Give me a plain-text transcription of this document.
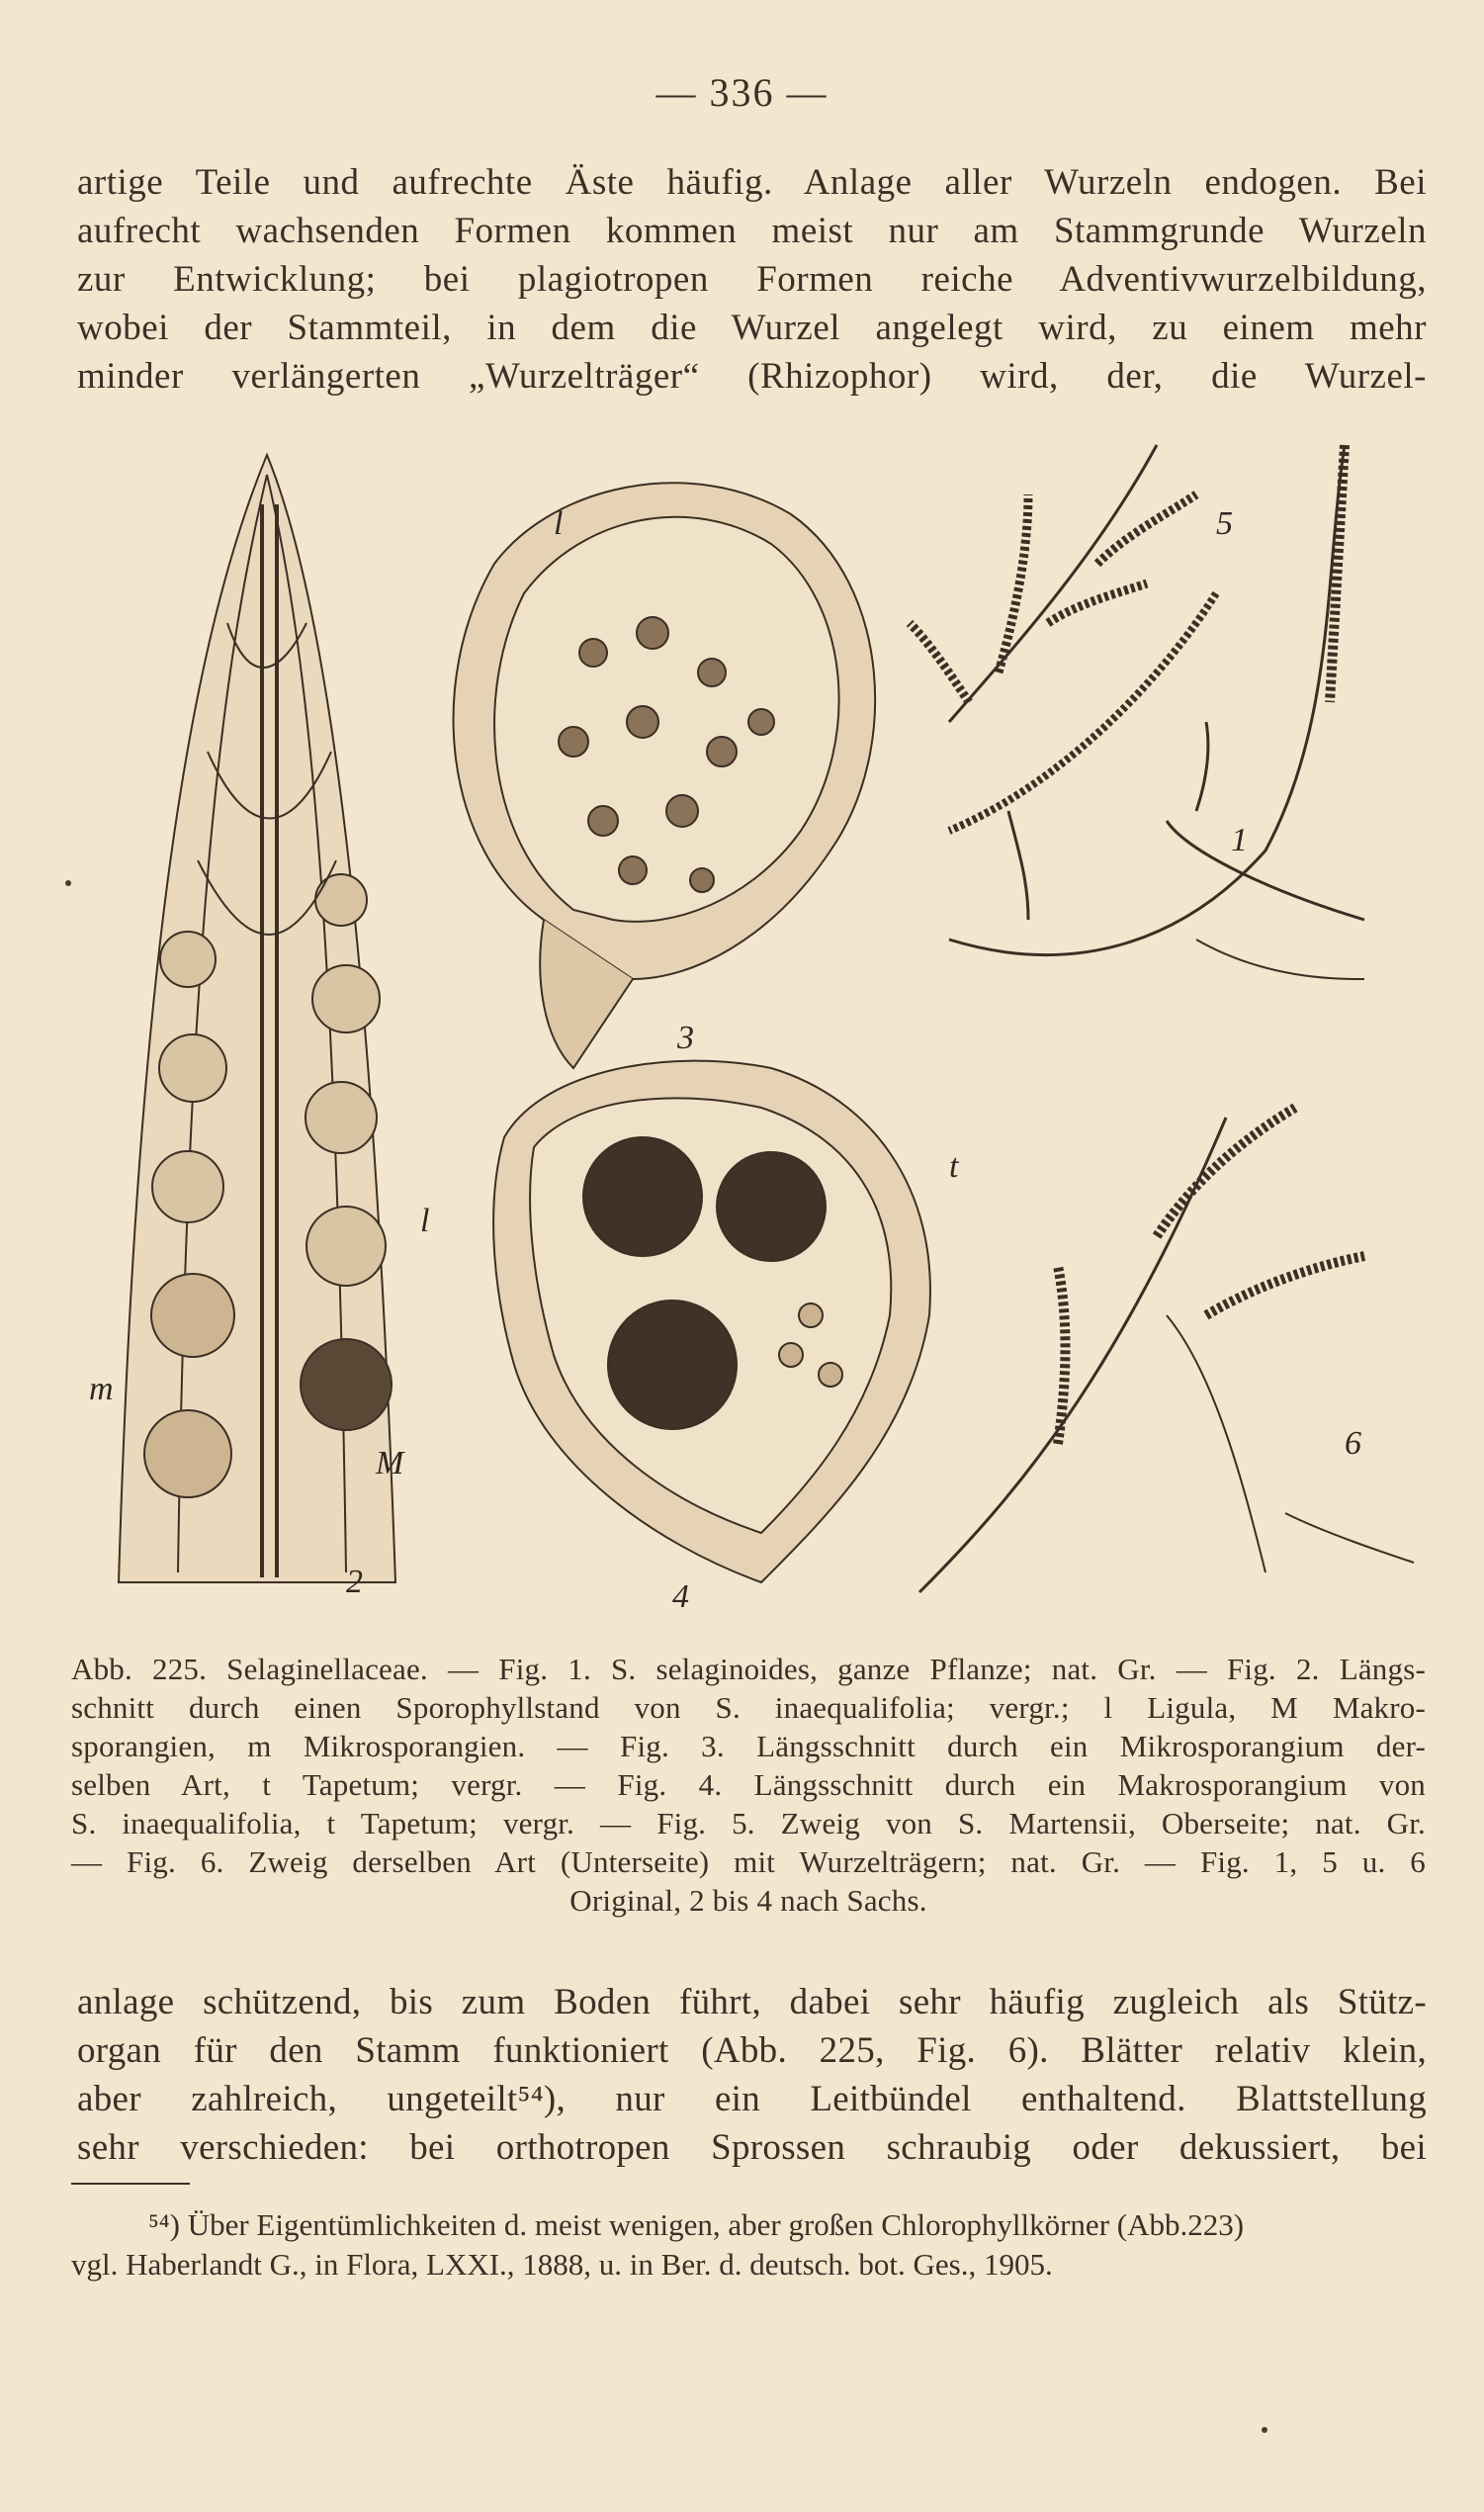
— 336 —
artige Teile und aufrechte Äste häufig. Anlage aller Wurzeln endogen. Bei
aufrecht wachsenden Formen kommen meist nur am Stammgrunde Wurzeln
zur Entwicklung; bei plagiotropen Formen reiche Adventivwurzelbildung,
wobei der Stammteil, in dem die Wurzel angelegt wird, zu einem mehr
minder verlängerten „Wurzelträger“ (Rhizophor) wird, der, die Wurzel-
2
m
M
l
3
l
4
t
1
5
6
Abb. 225. Selaginellaceae. — Fig. 1. S. selaginoides, ganze Pflanze; nat. Gr. — Fig. 2. Längs-
schnitt durch einen Sporophyllstand von S. inaequalifolia; vergr.; l Ligula, M Makro-
sporangien, m Mikrosporangien. — Fig. 3. Längsschnitt durch ein Mikrosporangium der-
selben Art, t Tapetum; vergr. — Fig. 4. Längsschnitt durch ein Makrosporangium von
S. inaequalifolia, t Tapetum; vergr. — Fig. 5. Zweig von S. Martensii, Oberseite; nat. Gr.
— Fig. 6. Zweig derselben Art (Unterseite) mit Wurzelträgern; nat. Gr. — Fig. 1, 5 u. 6
Original, 2 bis 4 nach Sachs.
anlage schützend, bis zum Boden führt, dabei sehr häufig zugleich als Stütz-
organ für den Stamm funktioniert (Abb. 225, Fig. 6). Blätter relativ klein,
aber zahlreich, ungeteilt⁵⁴), nur ein Leitbündel enthaltend. Blattstellung
sehr verschieden: bei orthotropen Sprossen schraubig oder dekussiert, bei
⁵⁴) Über Eigentümlichkeiten d. meist wenigen, aber großen Chlorophyllkörner (Abb.223)
vgl. Haberlandt G., in Flora, LXXI., 1888, u. in Ber. d. deutsch. bot. Ges., 1905.
